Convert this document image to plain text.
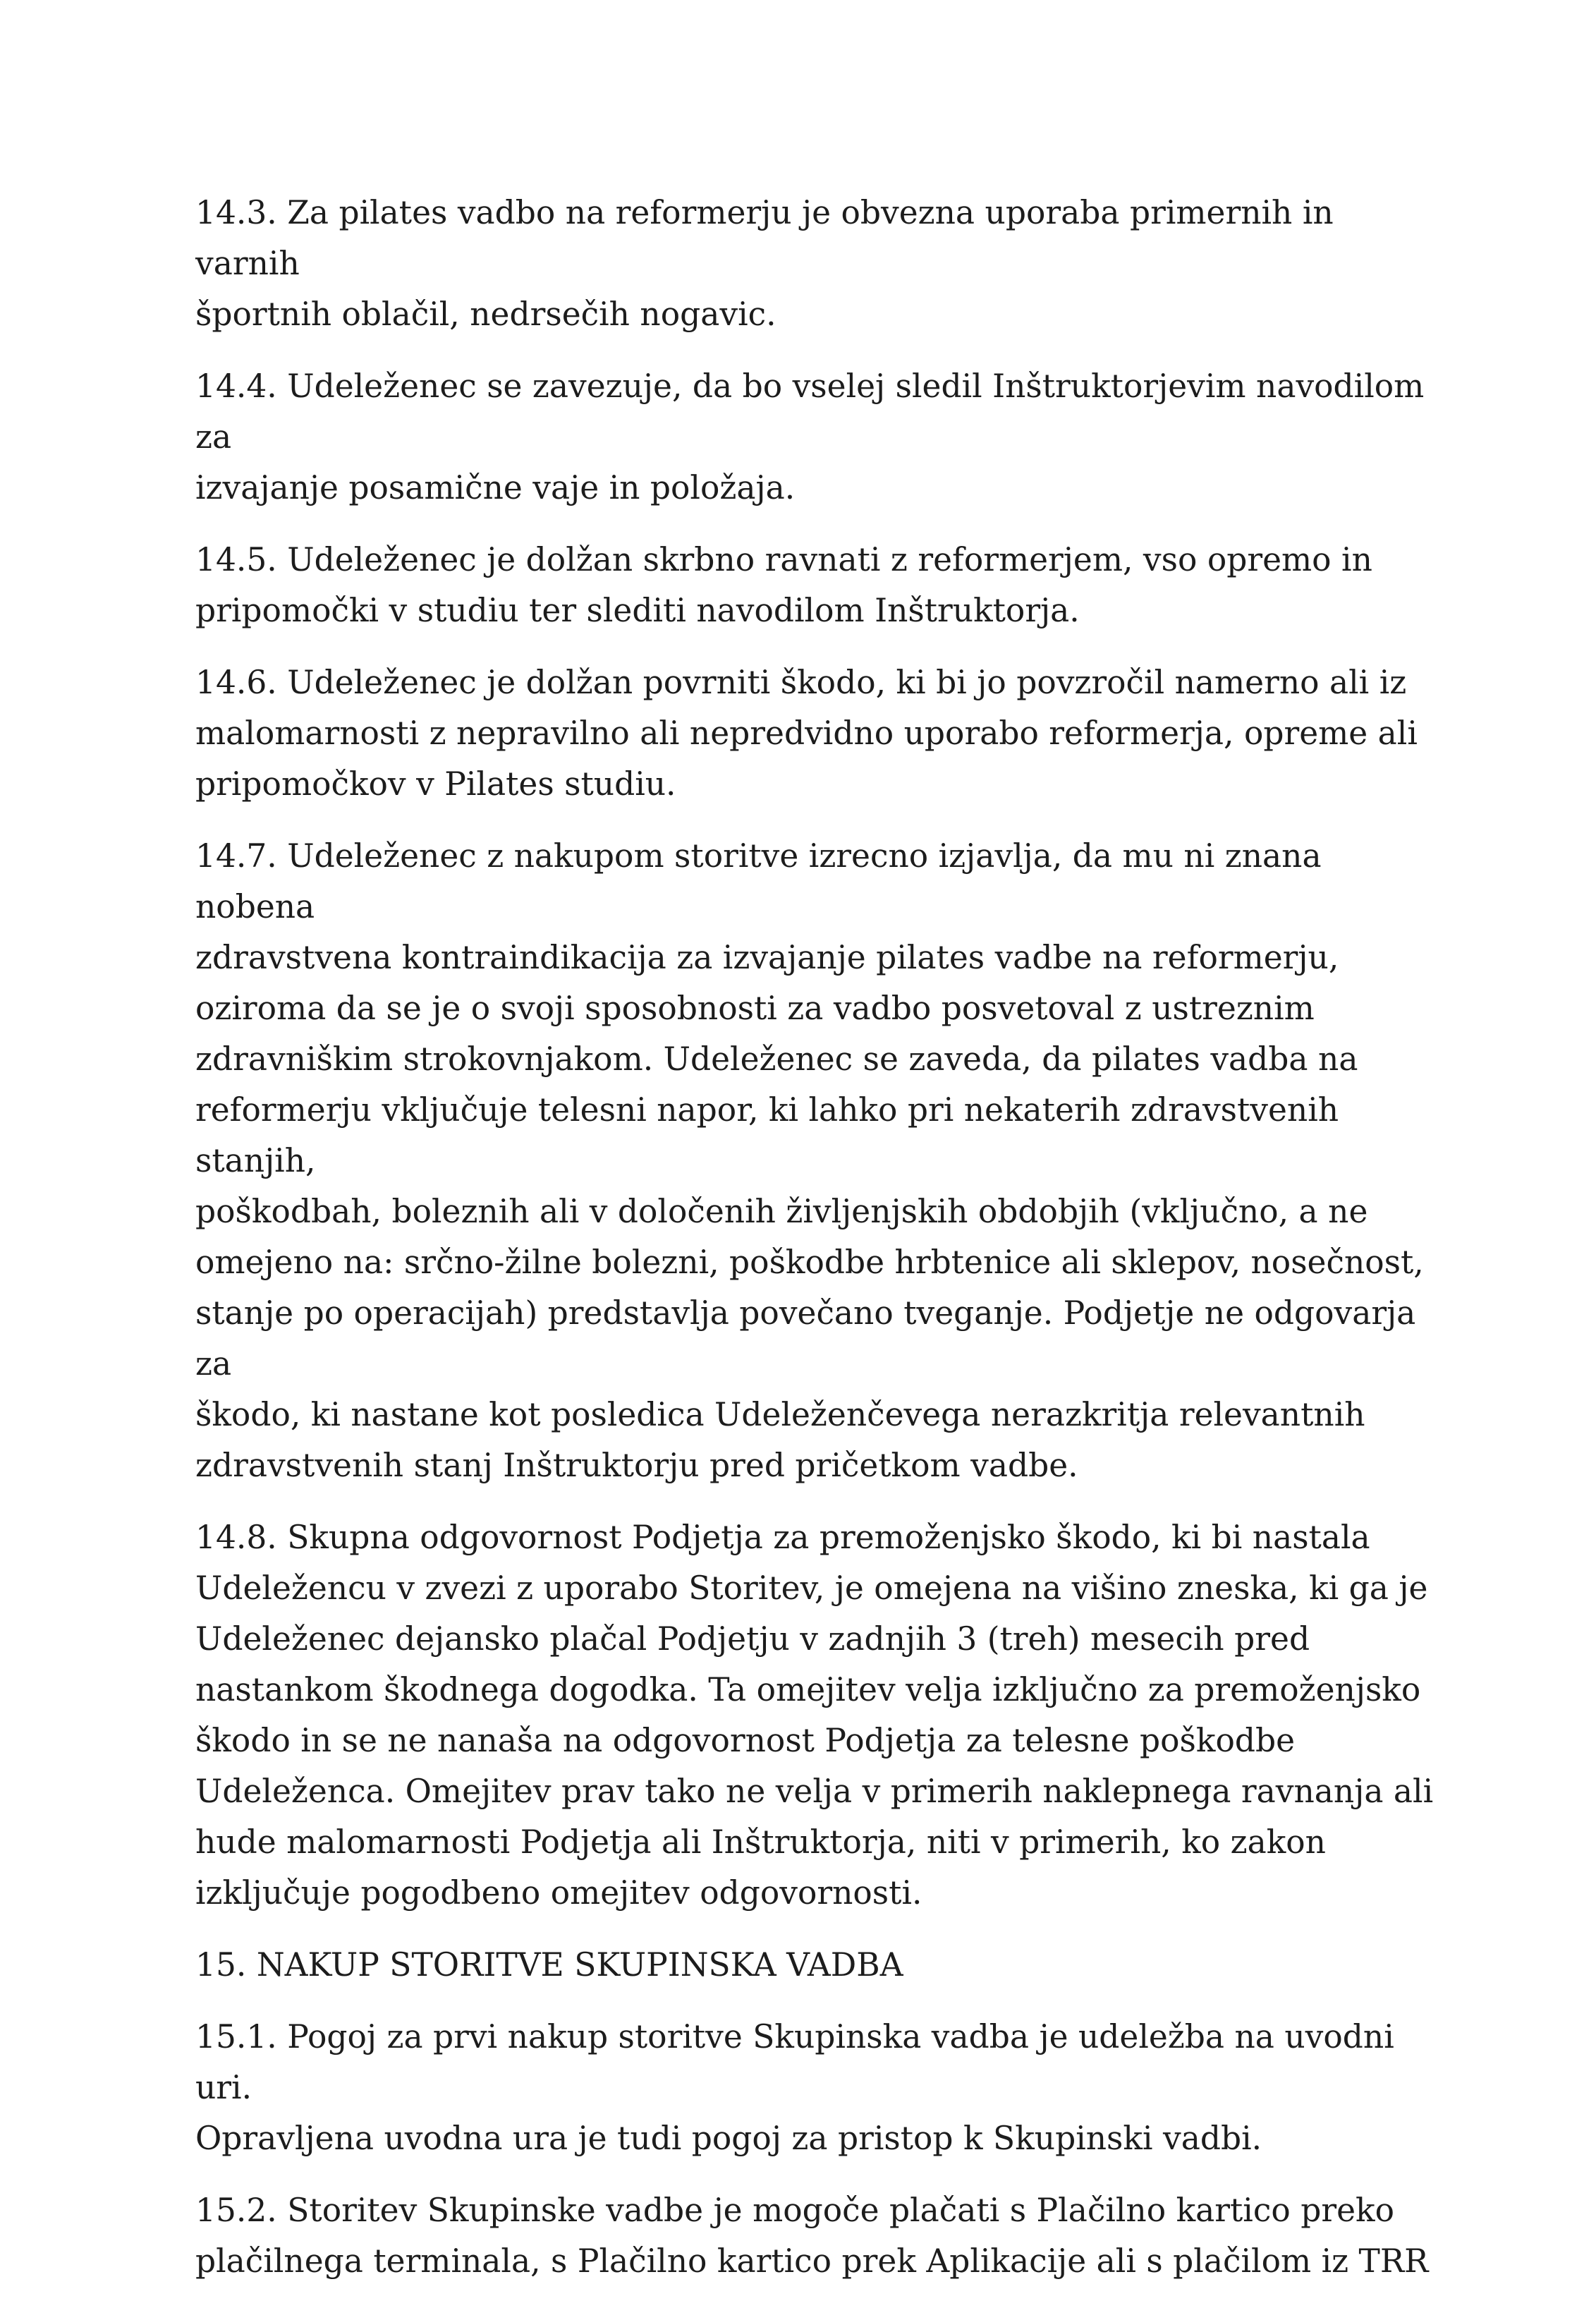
14.3. Za pilates vadbo na reformerju je obvezna uporaba primernih in varnih
športnih oblačil, nedrsečih nogavic.

14.4. Udeleženec se zavezuje, da bo vselej sledil Inštruktorjevim navodilom za
izvajanje posamične vaje in položaja.

14.5. Udeleženec je dolžan skrbno ravnati z reformerjem, vso opremo in
pripomočki v studiu ter slediti navodilom Inštruktorja.

14.6. Udeleženec je dolžan povrniti škodo, ki bi jo povzročil namerno ali iz
malomarnosti z nepravilno ali nepredvidno uporabo reformerja, opreme ali
pripomočkov v Pilates studiu.

14.7. Udeleženec z nakupom storitve izrecno izjavlja, da mu ni znana nobena
zdravstvena kontraindikacija za izvajanje pilates vadbe na reformerju,
oziroma da se je o svoji sposobnosti za vadbo posvetoval z ustreznim
zdravniškim strokovnjakom. Udeleženec se zaveda, da pilates vadba na
reformerju vključuje telesni napor, ki lahko pri nekaterih zdravstvenih stanjih,
poškodbah, boleznih ali v določenih življenjskih obdobjih (vključno, a ne
omejeno na: srčno-žilne bolezni, poškodbe hrbtenice ali sklepov, nosečnost,
stanje po operacijah) predstavlja povečano tveganje. Podjetje ne odgovarja za
škodo, ki nastane kot posledica Udeleženčevega nerazkritja relevantnih
zdravstvenih stanj Inštruktorju pred pričetkom vadbe.

14.8. Skupna odgovornost Podjetja za premoženjsko škodo, ki bi nastala
Udeležencu v zvezi z uporabo Storitev, je omejena na višino zneska, ki ga je
Udeleženec dejansko plačal Podjetju v zadnjih 3 (treh) mesecih pred
nastankom škodnega dogodka. Ta omejitev velja izključno za premoženjsko
škodo in se ne nanaša na odgovornost Podjetja za telesne poškodbe
Udeleženca. Omejitev prav tako ne velja v primerih naklepnega ravnanja ali
hude malomarnosti Podjetja ali Inštruktorja, niti v primerih, ko zakon
izključuje pogodbeno omejitev odgovornosti.

15. NAKUP STORITVE SKUPINSKA VADBA

15.1. Pogoj za prvi nakup storitve Skupinska vadba je udeležba na uvodni uri.
Opravljena uvodna ura je tudi pogoj za pristop k Skupinski vadbi.

15.2. Storitev Skupinske vadbe je mogoče plačati s Plačilno kartico preko
plačilnega terminala, s Plačilno kartico prek Aplikacije ali s plačilom iz TRR
